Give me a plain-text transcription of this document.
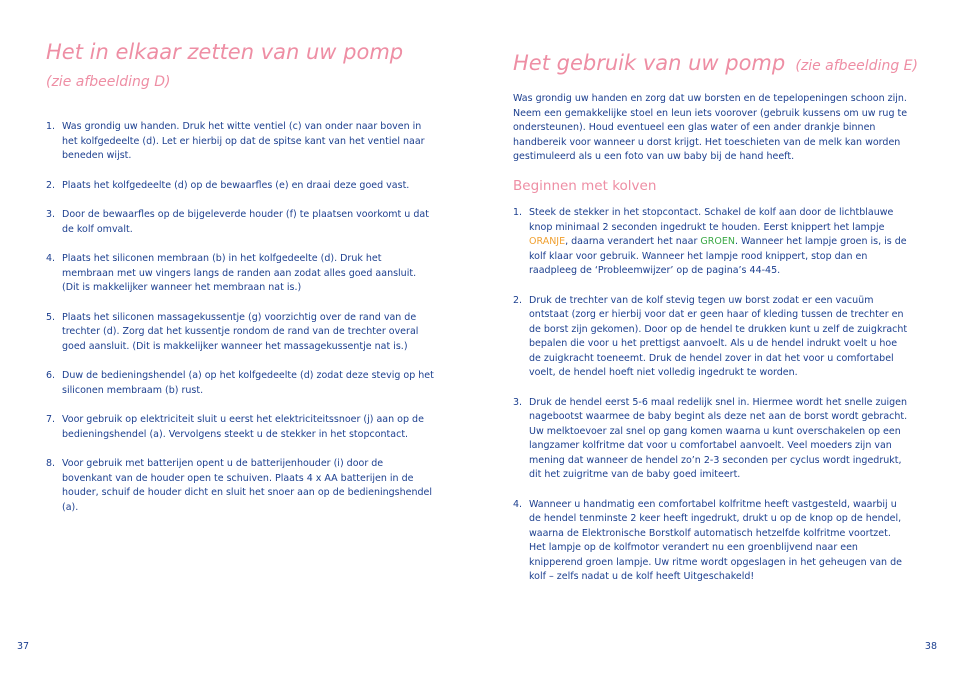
Het in elkaar zetten van uw pomp
(zie afbeelding D)
1. Was grondig uw handen. Druk het witte ventiel (c) van onder naar boven in het kolfgedeelte (d). Let er hierbij op dat de spitse kant van het ventiel naar beneden wijst.
2. Plaats het kolfgedeelte (d) op de bewaarfles (e) en draai deze goed vast.
3. Door de bewaarfles op de bijgeleverde houder (f) te plaatsen voorkomt u dat de kolf omvalt.
4. Plaats het siliconen membraan (b) in het kolfgedeelte (d). Druk het membraan met uw vingers langs de randen aan zodat alles goed aansluit. (Dit is makkelijker wanneer het membraan nat is.)
5. Plaats het siliconen massagekussentje (g) voorzichtig over de rand van de trechter (d). Zorg dat het kussentje rondom de rand van de trechter overal goed aansluit. (Dit is makkelijker wanneer het massagekussentje nat is.)
6. Duw de bedieningshendel (a) op het kolfgedeelte (d) zodat deze stevig op het siliconen membraam (b) rust.
7. Voor gebruik op elektriciteit sluit u eerst het elektriciteitssnoer (j) aan op de bedieningshendel (a). Vervolgens steekt u de stekker in het stopcontact.
8. Voor gebruik met batterijen opent u de batterijenhouder (i) door de bovenkant van de houder open te schuiven. Plaats 4 x AA batterijen in de houder, schuif de houder dicht en sluit het snoer aan op de bedieningshendel (a).
37
Het gebruik van uw pomp (zie afbeelding E)

Was grondig uw handen en zorg dat uw borsten en de tepelopeningen schoon zijn. Neem een gemakkelijke stoel en leun iets voorover (gebruik kussens om uw rug te ondersteunen). Houd eventueel een glas water of een ander drankje binnen handbereik voor wanneer u dorst krijgt. Het toeschieten van de melk kan worden gestimuleerd als u een foto van uw baby bij de hand heeft.

Beginnen met kolven
1. Steek de stekker in het stopcontact. Schakel de kolf aan door de lichtblauwe knop minimaal 2 seconden ingedrukt te houden. Eerst knippert het lampje ORANJE, daarna verandert het naar GROEN. Wanneer het lampje groen is, is de kolf klaar voor gebruik. Wanneer het lampje rood knippert, stop dan en raadpleeg de ‘Probleemwijzer’ op de pagina’s 44-45.
2. Druk de trechter van de kolf stevig tegen uw borst zodat er een vacuüm ontstaat (zorg er hierbij voor dat er geen haar of kleding tussen de trechter en de borst zijn gekomen). Door op de hendel te drukken kunt u zelf de zuigkracht bepalen die voor u het prettigst aanvoelt. Als u de hendel indrukt voelt u hoe de zuigkracht toeneemt. Druk de hendel zover in dat het voor u comfortabel voelt, de hendel hoeft niet volledig ingedrukt te worden.
3. Druk de hendel eerst 5-6 maal redelijk snel in. Hiermee wordt het snelle zuigen nagebootst waarmee de baby begint als deze net aan de borst wordt gebracht. Uw melktoevoer zal snel op gang komen waarna u kunt overschakelen op een langzamer kolfritme dat voor u comfortabel aanvoelt. Veel moeders zijn van mening dat wanneer de hendel zo’n 2-3 seconden per cyclus wordt ingedrukt, dit het zuigritme van de baby goed imiteert.
4. Wanneer u handmatig een comfortabel kolfritme heeft vastgesteld, waarbij u de hendel tenminste 2 keer heeft ingedrukt, drukt u op de knop op de hendel, waarna de Elektronische Borstkolf automatisch hetzelfde kolfritme voortzet. Het lampje op de kolfmotor verandert nu een groenblijvend naar een knipperend groen lampje. Uw ritme wordt opgeslagen in het geheugen van de kolf – zelfs nadat u de kolf heeft Uitgeschakeld!
38
